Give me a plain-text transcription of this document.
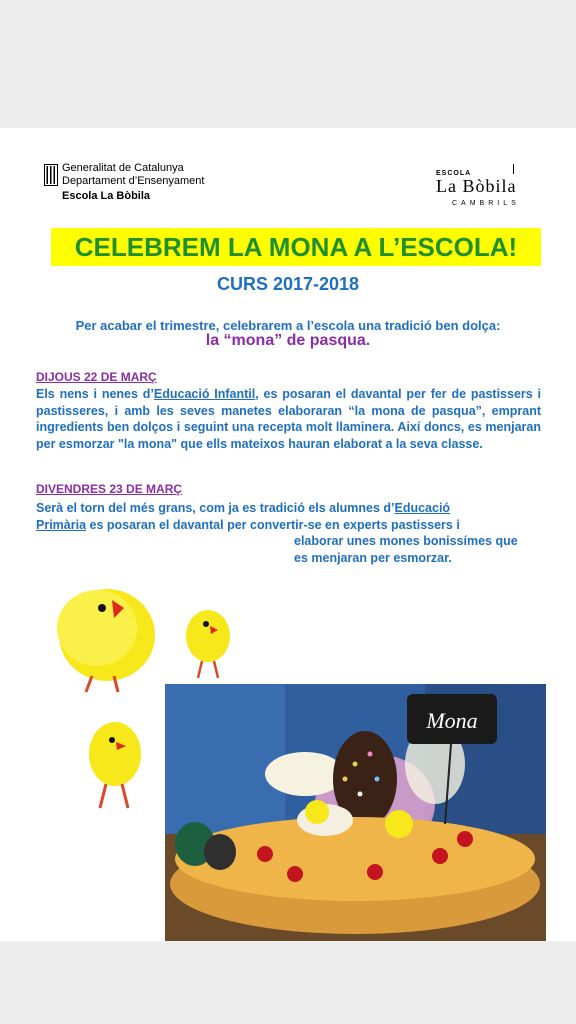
Generalitat de Catalunya
Departament d’Ensenyament
Escola La Bòbila
ESCOLA
La Bòbila
CAMBRILS
CELEBREM LA MONA A L’ESCOLA!
CURS 2017-2018
Per acabar el trimestre, celebrarem a l’escola una tradició ben dolça:
la “mona” de pasqua.
DIJOUS 22 DE MARÇ
Els nens i nenes d’Educació Infantil, es posaran el davantal per fer de pastissers i pastisseres, i amb les seves manetes elaboraran “la mona de pasqua”, emprant ingredients ben dolços i seguint una recepta molt llaminera. Així doncs, es menjaran per esmorzar "la mona" que ells mateixos hauran elaborat a la seva classe.
DIVENDRES 23 DE MARÇ
Serà el torn del més grans, com ja es tradició els alumnes d’Educació
Primària es posaran el davantal per convertir-se en experts pastissers i
elaborar unes mones bonissímes que
es menjaran per esmorzar.
Mona
